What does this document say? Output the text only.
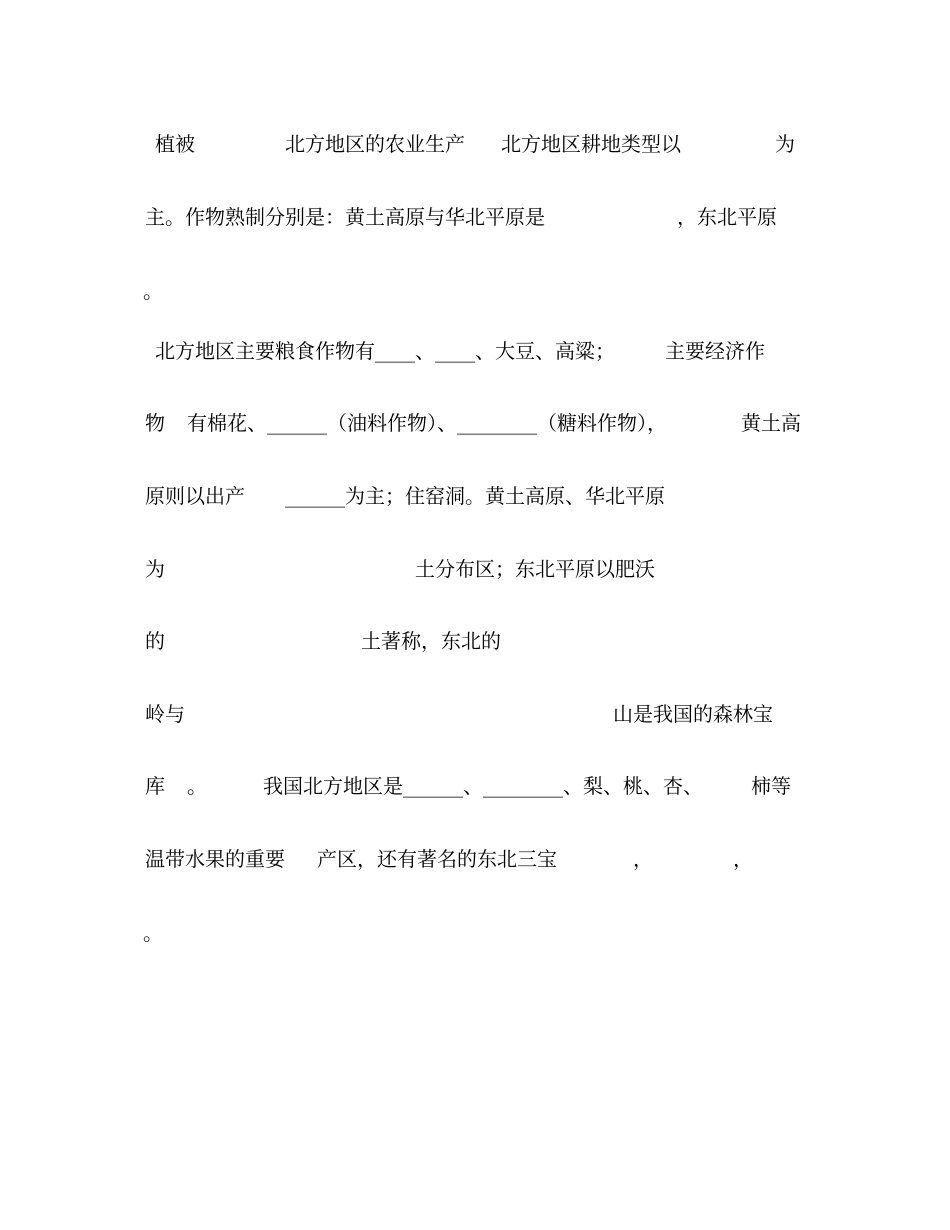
植被

	北方地区的农业生产

北方地区耕地类型以

	为

主。作物熟制分别是：黄土高原与华北平原是

	，东北平原

。

北方地区主要粮食作物有____、____、大豆、高粱；

	主要经济作

物

有棉花、______（油料作物）、________（糖料作物），

	黄土高

原则以出产

______为主；住窑洞。黄土高原、华北平原

为

	土分布区；东北平原以肥沃

的

	土著称，东北的

岭与

	山是我国的森林宝

库

。

	我国北方地区是______、________、梨、桃、杏、

柿等

温带水果的重要

产区，还有著名的东北三宝

	，

	，

。
